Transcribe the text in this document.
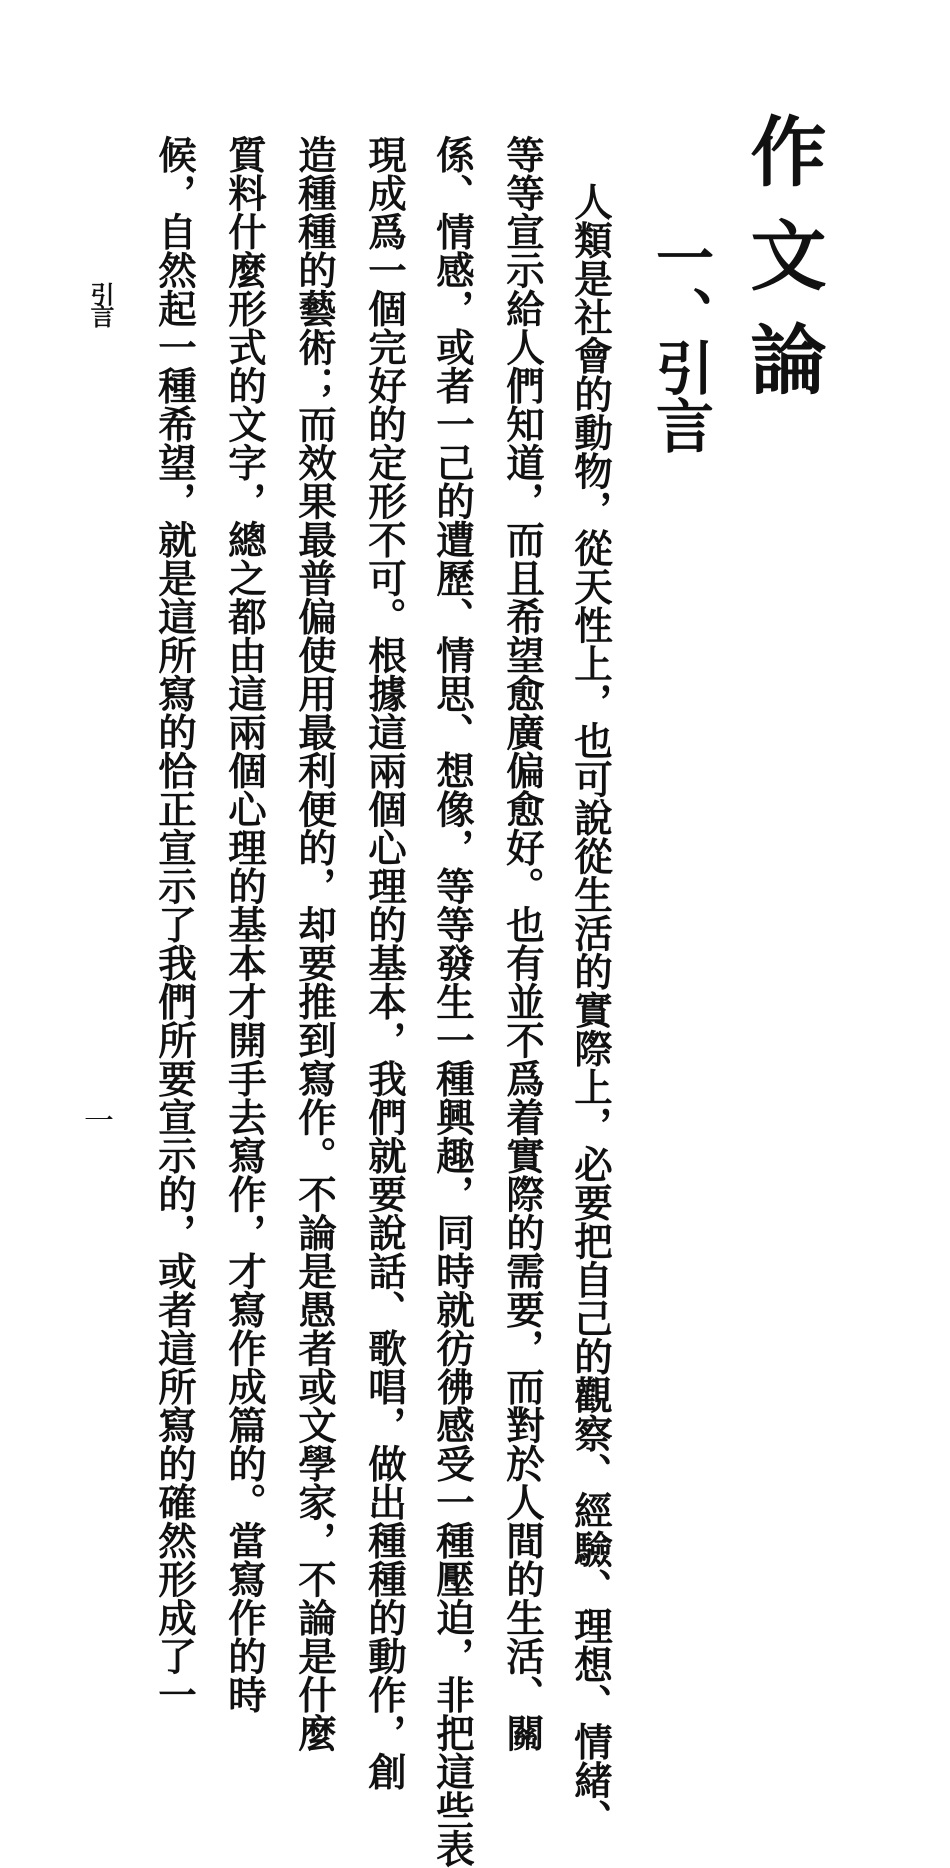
作文論
一、
引言
人類是社會的動物，從天性上，也可說從生活的實際上，必要把自己的觀察、經驗、理想、情緒、
等等宣示給人們知道，而且希望愈廣偏愈好。也有並不爲着實際的需要，而對於人間的生活、關
係、情感，或者一己的遭歷、情思、想像，等等發生一種興趣，同時就彷彿感受一種壓迫，非把這些表
現成爲一個完好的定形不可。根據這兩個心理的基本，我們就要說話、歌唱，做出種種的動作，創
造種種的藝術；而效果最普偏使用最利便的，却要推到寫作。不論是愚者或文學家，不論是什麼
質料什麼形式的文字，總之都由這兩個心理的基本才開手去寫作，才寫作成篇的。當寫作的時
候，自然起一種希望，就是這所寫的恰正宣示了我們所要宣示的，或者這所寫的確然形成了一
引言
一
